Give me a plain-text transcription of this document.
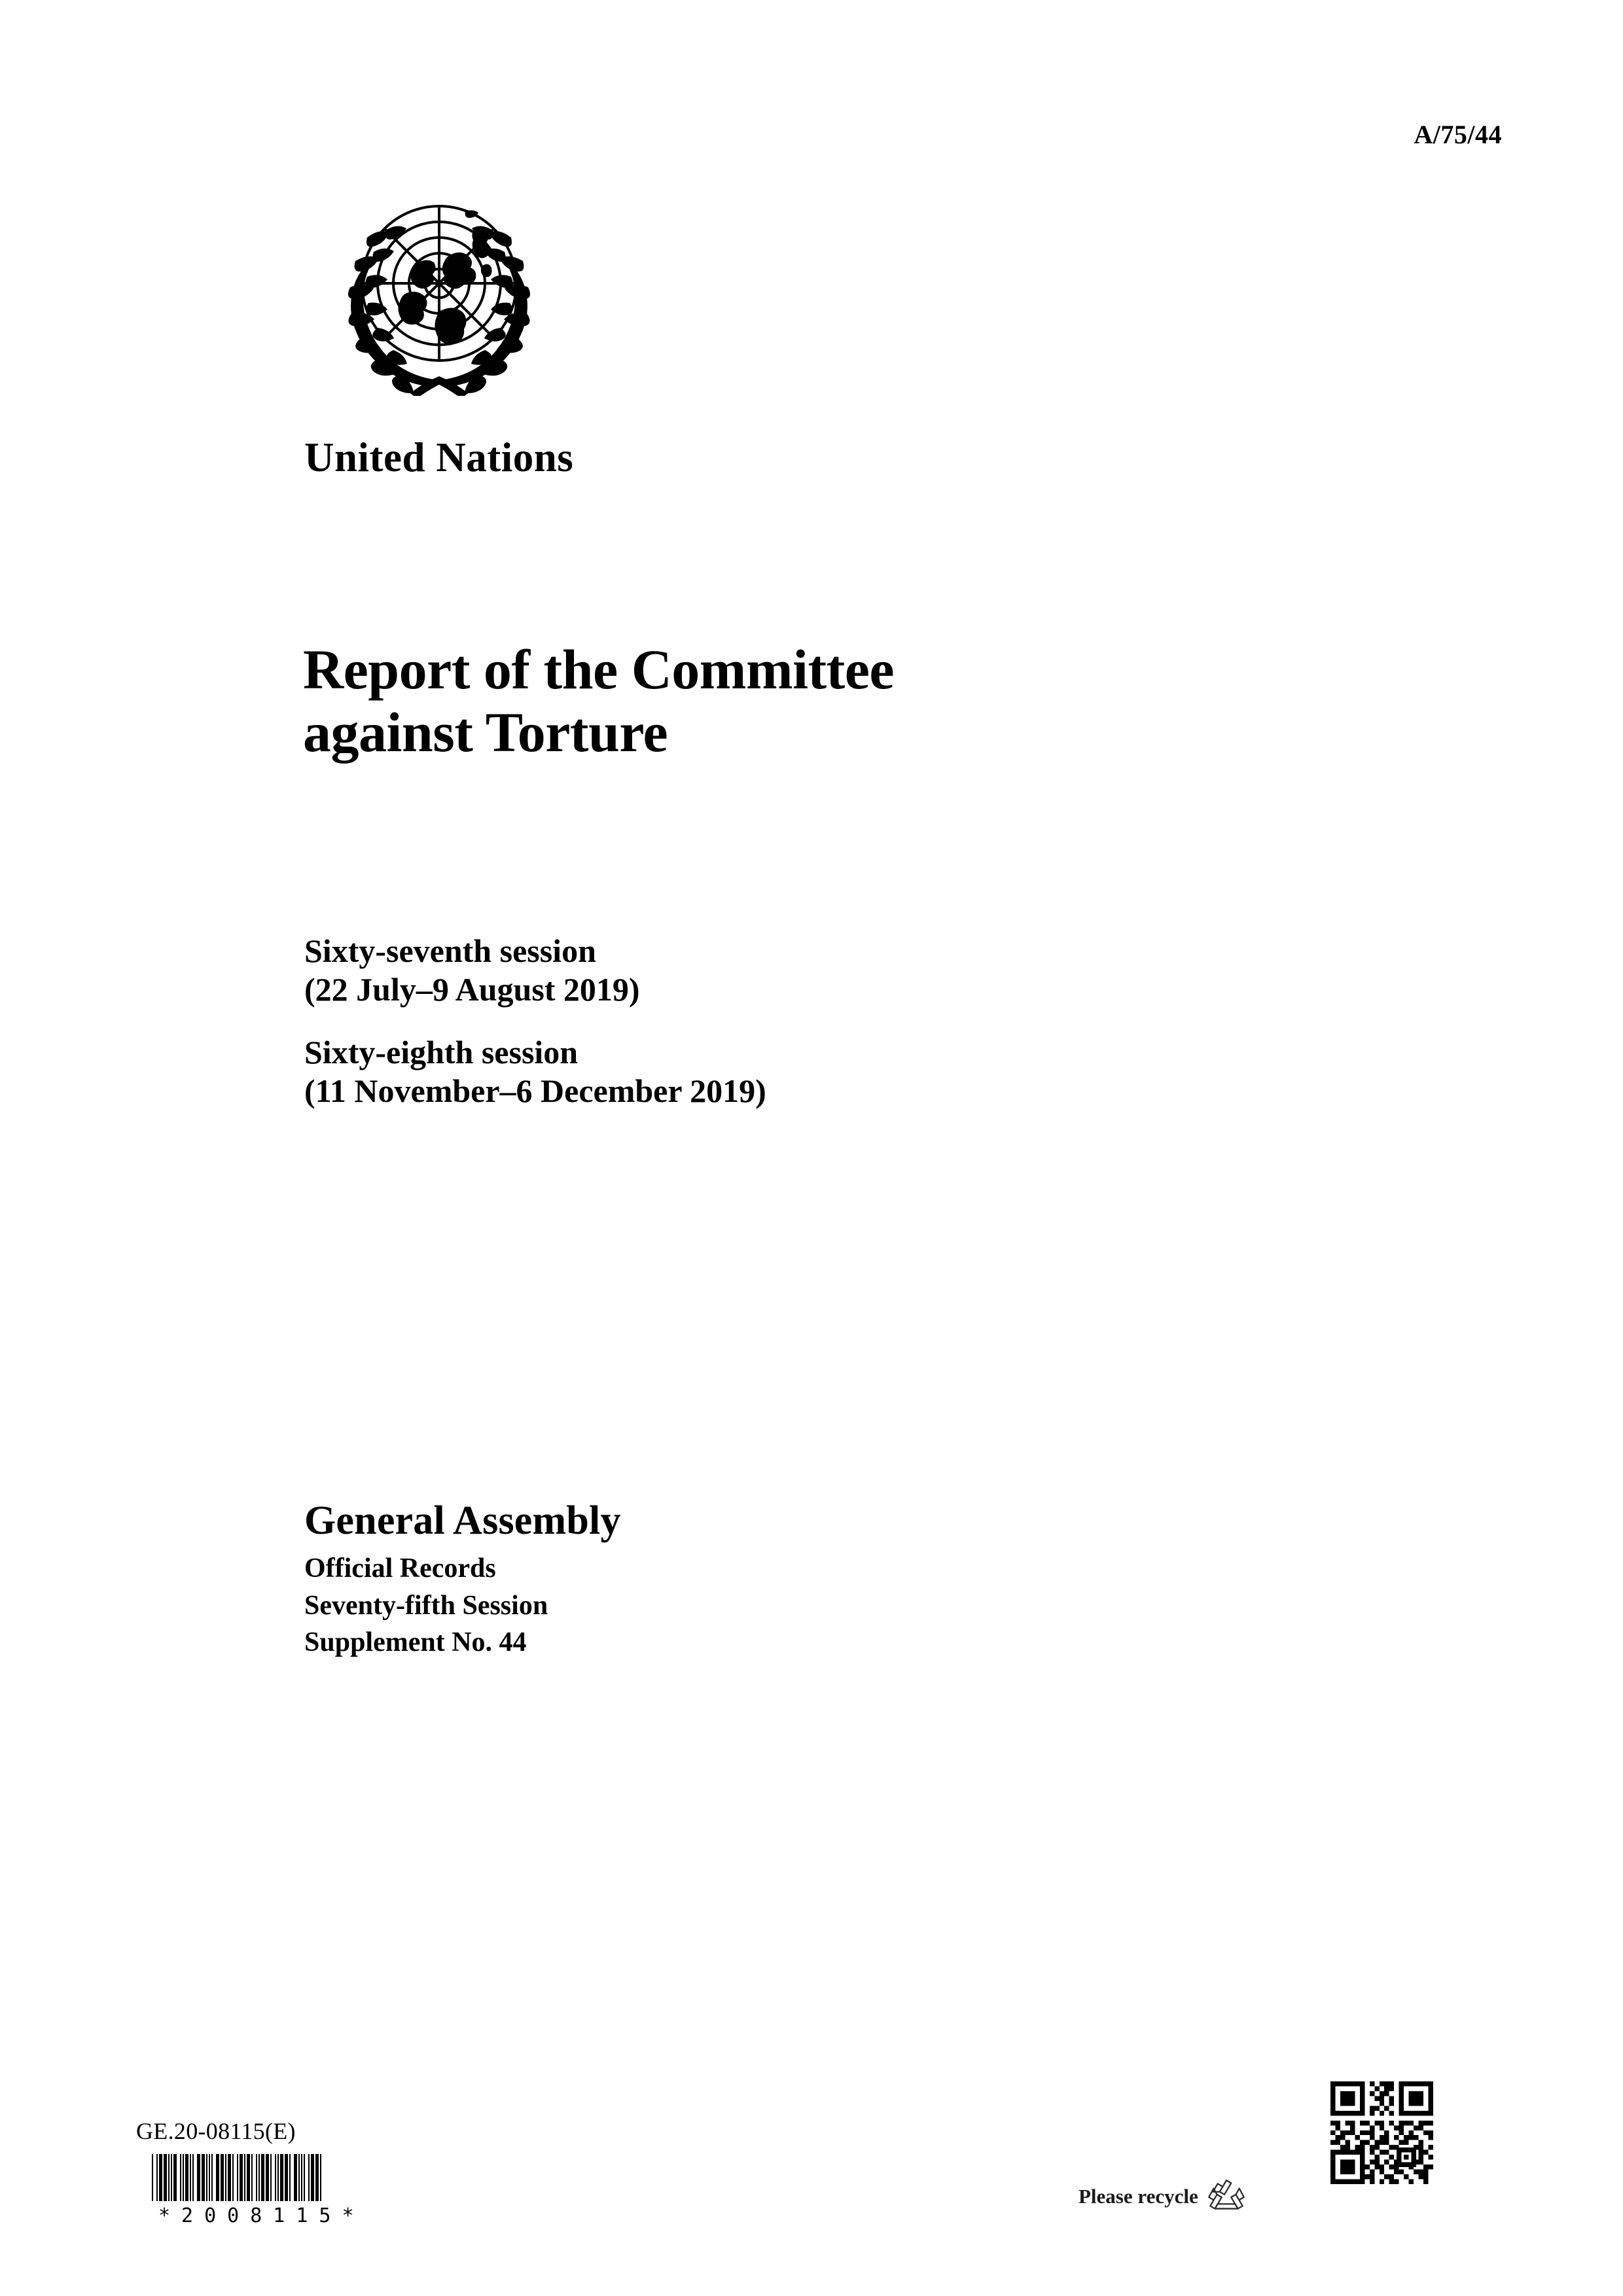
A/75/44
United Nations
Report of the Committee
against Torture
Sixty-seventh session
(22 July–9 August 2019)
Sixty-eighth session
(11 November–6 December 2019)
General Assembly
Official Records
Seventy-fifth Session
Supplement No. 44
GE.20-08115(E)
*2008115*
Please recycle
